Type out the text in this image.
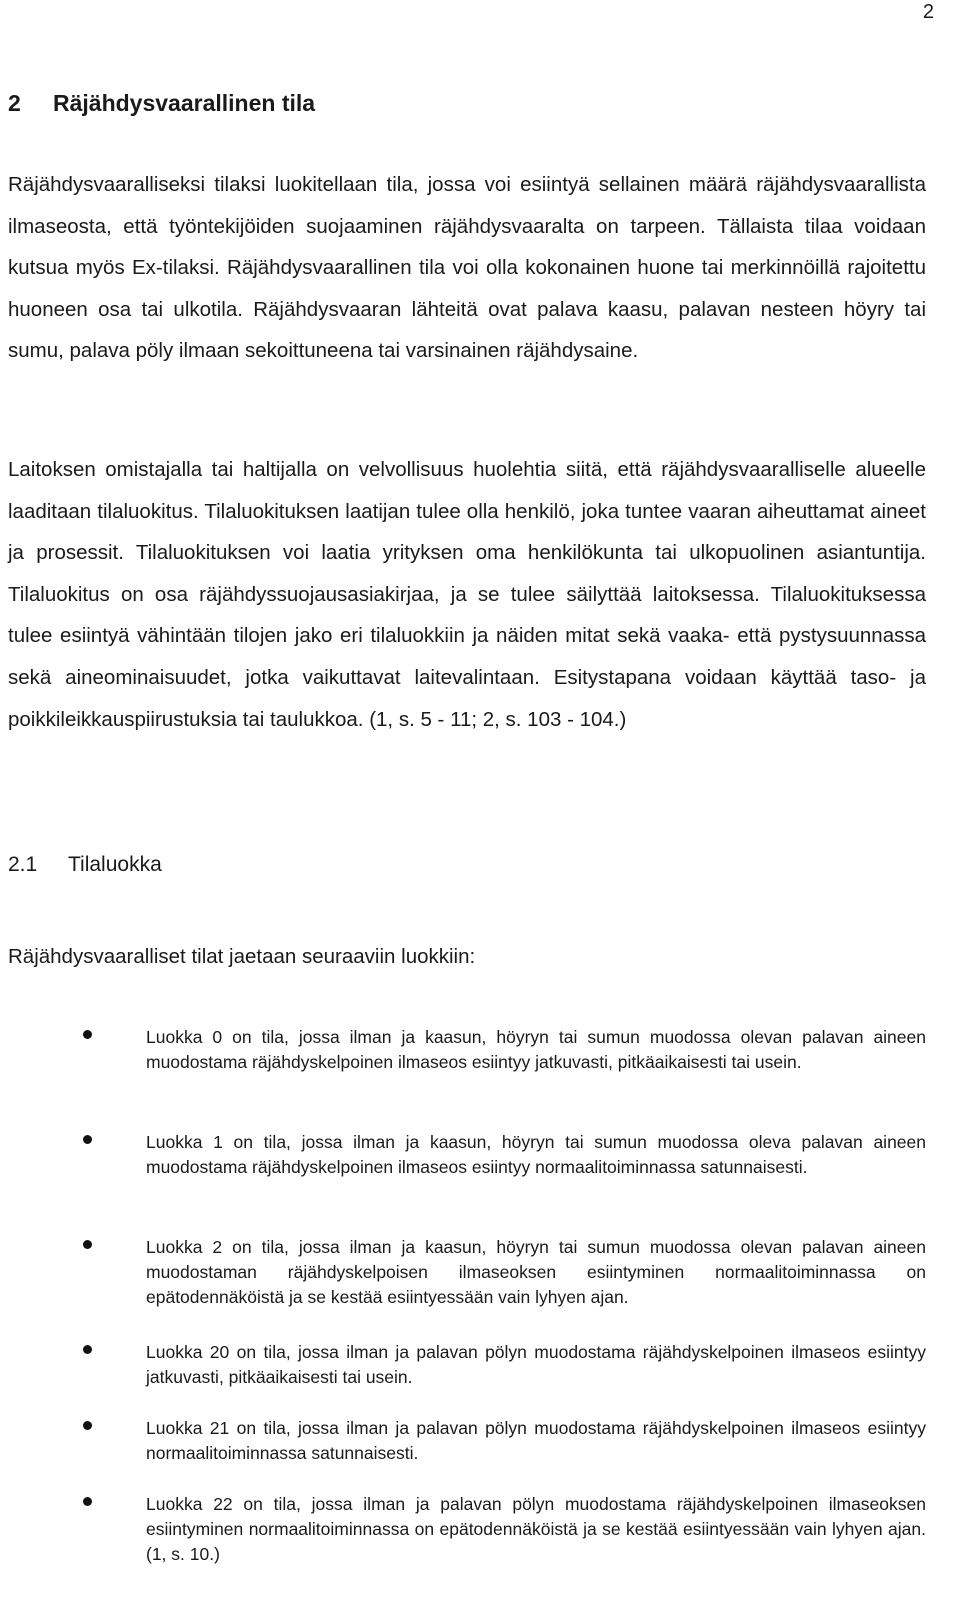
2
2 Räjähdysvaarallinen tila

Räjähdysvaaralliseksi tilaksi luokitellaan tila, jossa voi esiintyä sellainen määrä räjähdysvaarallista ilmaseosta, että työntekijöiden suojaaminen räjähdysvaaralta on tarpeen. Tällaista tilaa voidaan kutsua myös Ex-tilaksi. Räjähdysvaarallinen tila voi olla kokonainen huone tai merkinnöillä rajoitettu huoneen osa tai ulkotila. Räjähdysvaaran lähteitä ovat palava kaasu, palavan nesteen höyry tai sumu, palava pöly ilmaan sekoittuneena tai varsinainen räjähdysaine.

Laitoksen omistajalla tai haltijalla on velvollisuus huolehtia siitä, että räjähdysvaaralliselle alueelle laaditaan tilaluokitus. Tilaluokituksen laatijan tulee olla henkilö, joka tuntee vaaran aiheuttamat aineet ja prosessit. Tilaluokituksen voi laatia yrityksen oma henkilökunta tai ulkopuolinen asiantuntija. Tilaluokitus on osa räjähdyssuojausasiakirjaa, ja se tulee säilyttää laitoksessa. Tilaluokituksessa tulee esiintyä vähintään tilojen jako eri tilaluokkiin ja näiden mitat sekä vaaka- että pystysuunnassa sekä aineominaisuudet, jotka vaikuttavat laitevalintaan. Esitystapana voidaan käyttää taso- ja poikkileikkauspiirustuksia tai taulukkoa. (1, s. 5 - 11; 2, s. 103 - 104.)

2.1 Tilaluokka

Räjähdysvaaralliset tilat jaetaan seuraaviin luokkiin:

Luokka 0 on tila, jossa ilman ja kaasun, höyryn tai sumun muodossa olevan palavan aineen muodostama räjähdyskelpoinen ilmaseos esiintyy jatkuvasti, pitkäaikaisesti tai usein.
Luokka 1 on tila, jossa ilman ja kaasun, höyryn tai sumun muodossa oleva palavan aineen muodostama räjähdyskelpoinen ilmaseos esiintyy normaalitoiminnassa satunnaisesti.
Luokka 2 on tila, jossa ilman ja kaasun, höyryn tai sumun muodossa olevan palavan aineen muodostaman räjähdyskelpoisen ilmaseoksen esiintyminen normaalitoiminnassa on epätodennäköistä ja se kestää esiintyessään vain lyhyen ajan.
Luokka 20 on tila, jossa ilman ja palavan pölyn muodostama räjähdyskelpoinen ilmaseos esiintyy jatkuvasti, pitkäaikaisesti tai usein.
Luokka 21 on tila, jossa ilman ja palavan pölyn muodostama räjähdyskelpoinen ilmaseos esiintyy normaalitoiminnassa satunnaisesti.
Luokka 22 on tila, jossa ilman ja palavan pölyn muodostama räjähdyskelpoinen ilmaseoksen esiintyminen normaalitoiminnassa on epätodennäköistä ja se kestää esiintyessään vain lyhyen ajan. (1, s. 10.)
